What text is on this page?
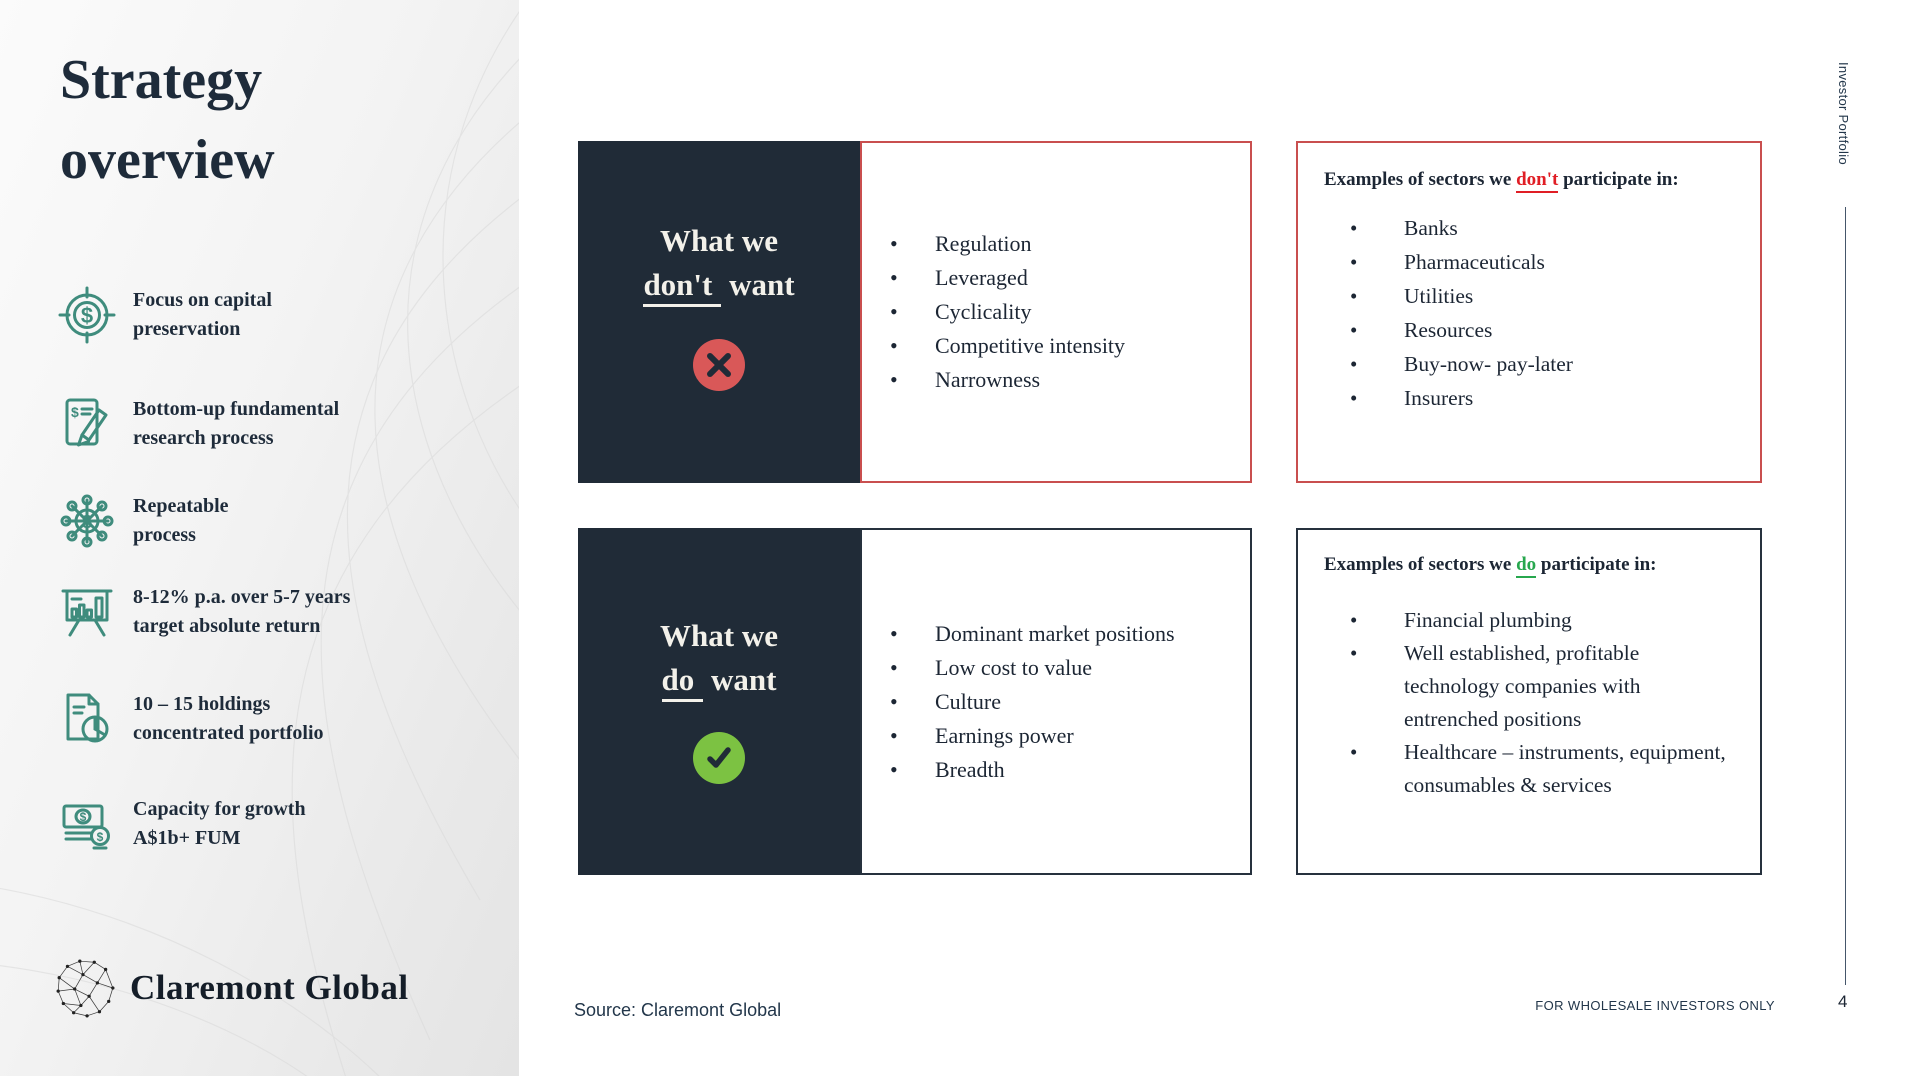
Strategy overview
$
Focus on capital
preservation
$	Bottom-up fundamental
research process
$
Repeatable
process
8-12% p.a. over 5-7 years
target absolute return
10 – 15 holdings
concentrated portfolio
$
$
Capacity for growth
A$1b+ FUM
Claremont Global
What we
don't want
• Regulation
• Leveraged
• Cyclicality
• Competitive intensity
• Narrowness
Examples of sectors we don't participate in:
• Banks
• Pharmaceuticals
• Utilities
• Resources
• Buy-now- pay-later
• Insurers
What we
do want
• Dominant market positions
• Low cost to value
• Culture
• Earnings power
• Breadth
Examples of sectors we do participate in:
• Financial plumbing
• Well established, profitable technology companies with entrenched positions
• Healthcare – instruments, equipment, consumables & services
Source: Claremont Global	FOR WHOLESALE INVESTORS ONLY	4
Investor Portfolio
